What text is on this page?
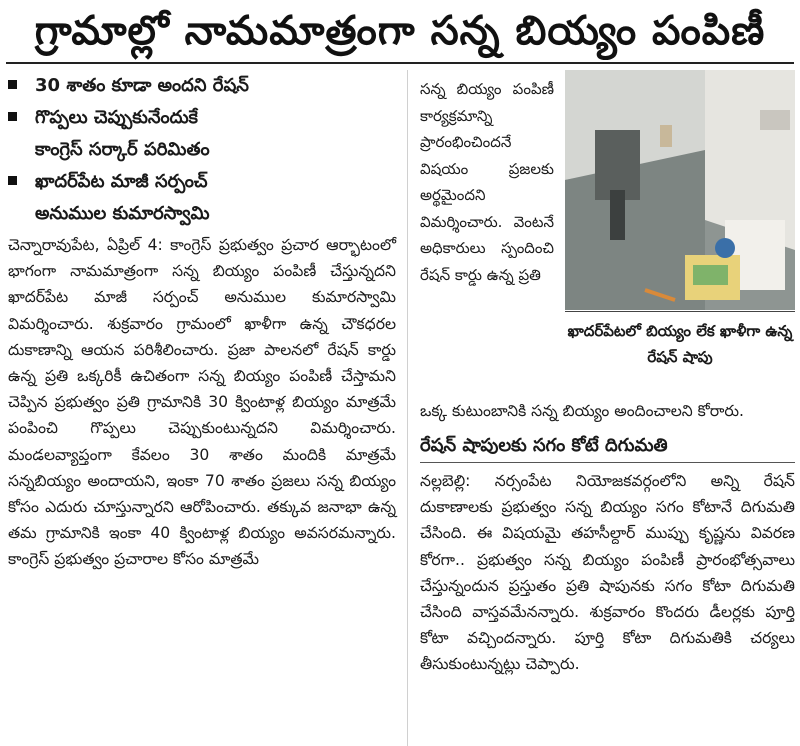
గ్రామాల్లో నామమాత్రంగా సన్న బియ్యం పంపిణీ
30 శాతం కూడా అందని రేషన్
గొప్పలు చెప్పుకునేందుకే
కాంగ్రెస్ సర్కార్ పరిమితం
ఖాదర్‌పేట మాజీ సర్పంచ్
అనుముల కుమారస్వామి

చెన్నారావుపేట, ఏప్రిల్ 4: కాంగ్రెస్ ప్రభుత్వం ప్రచార ఆర్భాటంలో భాగంగా నామమాత్రంగా సన్న బియ్యం పంపిణీ చేస్తున్నదని ఖాదర్‌పేట మాజీ సర్పంచ్ అనుముల కుమారస్వామి విమర్శించారు. శుక్రవారం గ్రామంలో ఖాళీగా ఉన్న చౌకధరల దుకాణాన్ని ఆయన పరిశీలించారు. ప్రజా పాలనలో రేషన్ కార్డు ఉన్న ప్రతి ఒక్కరికీ ఉచితంగా సన్న బియ్యం పంపిణీ చేస్తామని చెప్పిన ప్రభుత్వం ప్రతి గ్రామానికి 30 క్వింటాళ్ల బియ్యం మాత్రమే పంపించి గొప్పలు చెప్పుకుంటున్నదని విమర్శించారు. మండలవ్యాప్తంగా కేవలం 30 శాతం మందికి మాత్రమే సన్నబియ్యం అందాయని, ఇంకా 70 శాతం ప్రజలు సన్న బియ్యం కోసం ఎదురు చూస్తున్నారని ఆరోపించారు. తక్కువ జనాభా ఉన్న తమ గ్రామానికి ఇంకా 40 క్వింటాళ్ల బియ్యం అవసరమన్నారు. కాంగ్రెస్ ప్రభుత్వం ప్రచారాల కోసం మాత్రమే

సన్న బియ్యం పంపిణీ కార్యక్రమాన్ని ప్రారంభించిందనే విషయం ప్రజలకు అర్థమైందని విమర్శించారు. వెంటనే అధికారులు స్పందించి రేషన్ కార్డు ఉన్న ప్రతి

ఖాదర్‌పేటలో బియ్యం లేక ఖాళీగా ఉన్న రేషన్ షాపు
ఒక్క కుటుంబానికి సన్న బియ్యం అందించాలని కోరారు.
రేషన్ షాపులకు సగం కోటే దిగుమతి

నల్లబెల్లి: నర్సంపేట నియోజకవర్గంలోని అన్ని రేషన్ దుకాణాలకు ప్రభుత్వం సన్న బియ్యం సగం కోటానే దిగుమతి చేసింది. ఈ విషయమై తహసీల్దార్ ముప్పు కృష్ణను వివరణ కోరగా.. ప్రభుత్వం సన్న బియ్యం పంపిణీ ప్రారంభోత్సవాలు చేస్తున్నందున ప్రస్తుతం ప్రతి షాపునకు సగం కోటా దిగుమతి చేసింది వాస్తవమేనన్నారు. శుక్రవారం కొందరు డీలర్లకు పూర్తి కోటా వచ్చిందన్నారు. పూర్తి కోటా దిగుమతికి చర్యలు తీసుకుంటున్నట్లు చెప్పారు.
